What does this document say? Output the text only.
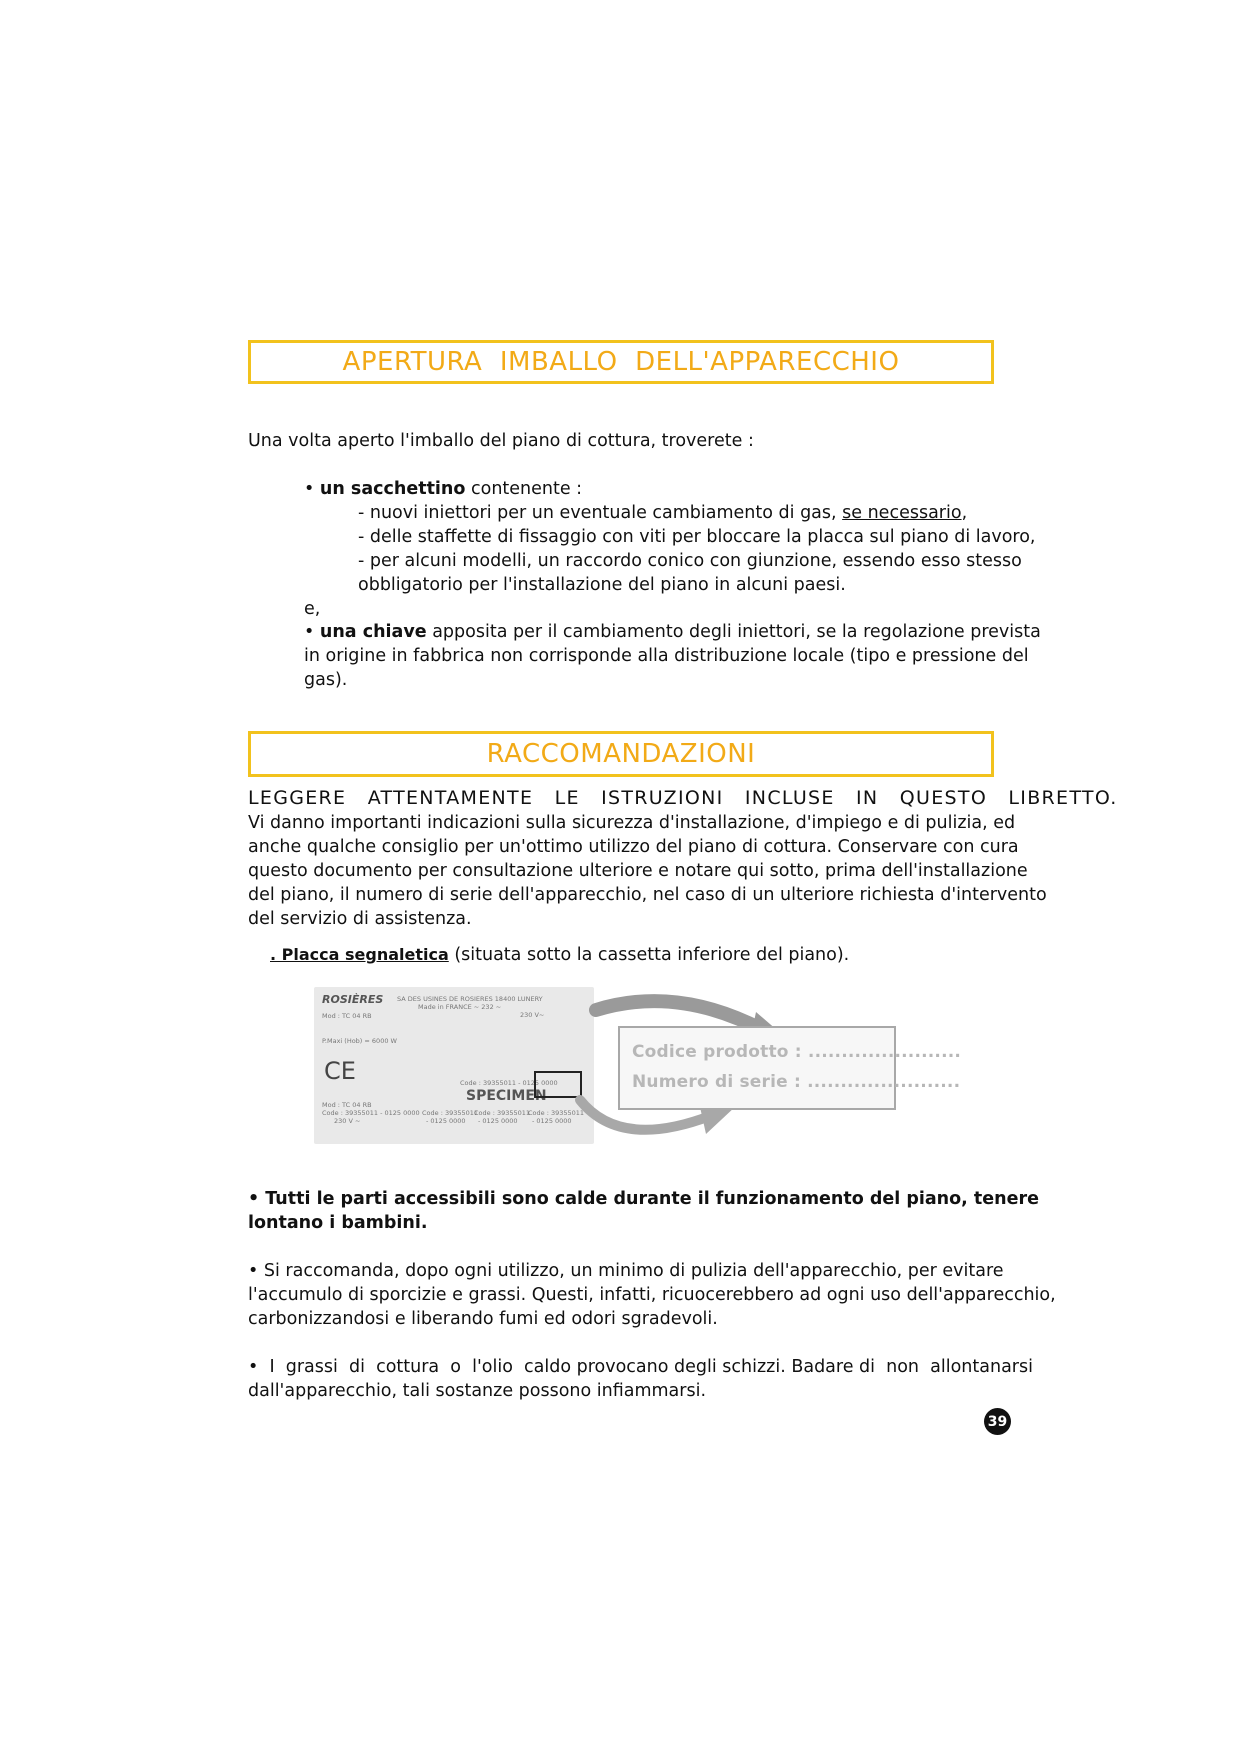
APERTURA  IMBALLO  DELL'APPARECCHIO
Una volta aperto l'imballo del piano di cottura, troverete :
• un sacchettino contenente :
- nuovi iniettori per un eventuale cambiamento di gas, se necessario,
- delle staffette di fissaggio con viti per bloccare la placca sul piano di lavoro,
- per alcuni modelli, un raccordo conico con giunzione, essendo esso stesso
obbligatorio per l'installazione del piano in alcuni paesi.
e,
• una chiave apposita per il cambiamento degli iniettori, se la regolazione prevista
in origine in fabbrica non corrisponde alla distribuzione locale (tipo e pressione del
gas).
RACCOMANDAZIONI
LEGGERE ATTENTAMENTE LE ISTRUZIONI INCLUSE IN QUESTO LIBRETTO.
Vi danno importanti indicazioni sulla sicurezza d'installazione, d'impiego e di pulizia, ed
anche qualche consiglio per un'ottimo utilizzo del piano di cottura. Conservare con cura
questo documento per consultazione ulteriore e notare qui sotto, prima dell'installazione
del piano, il numero di serie dell'apparecchio, nel caso di un ulteriore richiesta d'intervento
del servizio di assistenza.
. Placca segnaletica (situata sotto la cassetta inferiore del piano).
ROSIÈRES SA DES USINES DE ROSIERES 18400 LUNERY
Made in FRANCE ~ 232 ~
Mod : TC 04 RB	230 V~
P.Maxi (Hob) = 6000 W
CE	Code : 39355011 - 0125 0000
SPECIMEN
Mod : TC 04 RB
Code : 39355011 - 0125 0000
230 V ~
Code : 39355011
Code : 39355011
Code : 39355011
- 0125 0000 - 0125 0000 - 0125 0000
Codice prodotto : .......................
Numero di serie : .......................
• Tutti le parti accessibili sono calde durante il funzionamento del piano, tenere
lontano i bambini.
• Si raccomanda, dopo ogni utilizzo, un minimo di pulizia dell'apparecchio, per evitare
l'accumulo di sporcizie e grassi. Questi, infatti, ricuocerebbero ad ogni uso dell'apparecchio,
carbonizzandosi e liberando fumi ed odori sgradevoli.
•  I  grassi  di  cottura  o  l'olio  caldo provocano degli schizzi. Badare di  non  allontanarsi
dall'apparecchio, tali sostanze possono infiammarsi.
39
